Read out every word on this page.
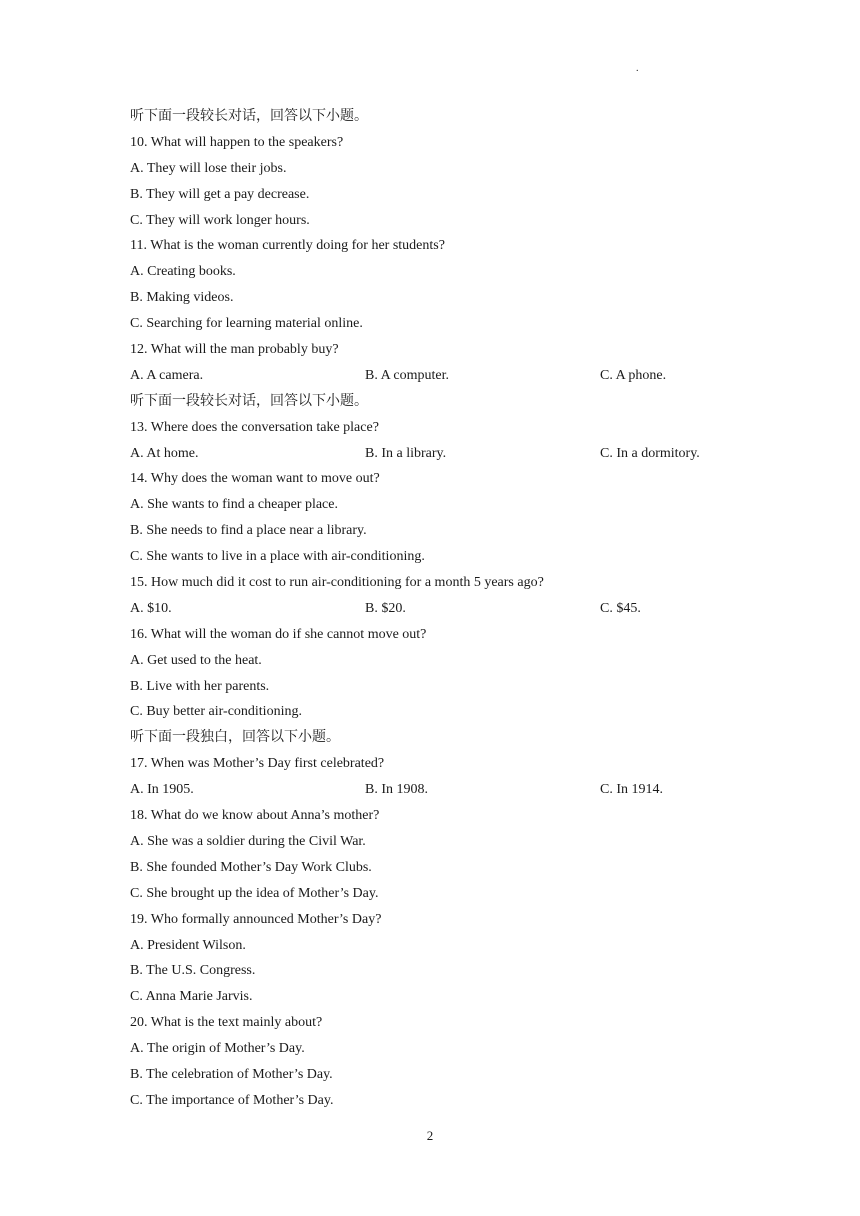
.
听下面一段较长对话，回答以下小题。
10. What will happen to the speakers?
A. They will lose their jobs.
B. They will get a pay decrease.
C. They will work longer hours.
11. What is the woman currently doing for her students?
A. Creating books.
B. Making videos.
C. Searching for learning material online.
12. What will the man probably buy?
A. A camera.	B. A computer.	C. A phone.
听下面一段较长对话，回答以下小题。
13. Where does the conversation take place?
A. At home.	B. In a library.	C. In a dormitory.
14. Why does the woman want to move out?
A. She wants to find a cheaper place.
B. She needs to find a place near a library.
C. She wants to live in a place with air-conditioning.
15. How much did it cost to run air-conditioning for a month 5 years ago?
A. $10.	B. $20.	C. $45.
16. What will the woman do if she cannot move out?
A. Get used to the heat.
B. Live with her parents.
C. Buy better air-conditioning.
听下面一段独白，回答以下小题。
17. When was Mother’s Day first celebrated?
A. In 1905.	B. In 1908.	C. In 1914.
18. What do we know about Anna’s mother?
A. She was a soldier during the Civil War.
B. She founded Mother’s Day Work Clubs.
C. She brought up the idea of Mother’s Day.
19. Who formally announced Mother’s Day?
A. President Wilson.
B. The U.S. Congress.
C. Anna Marie Jarvis.
20. What is the text mainly about?
A. The origin of Mother’s Day.
B. The celebration of Mother’s Day.
C. The importance of Mother’s Day.
2
